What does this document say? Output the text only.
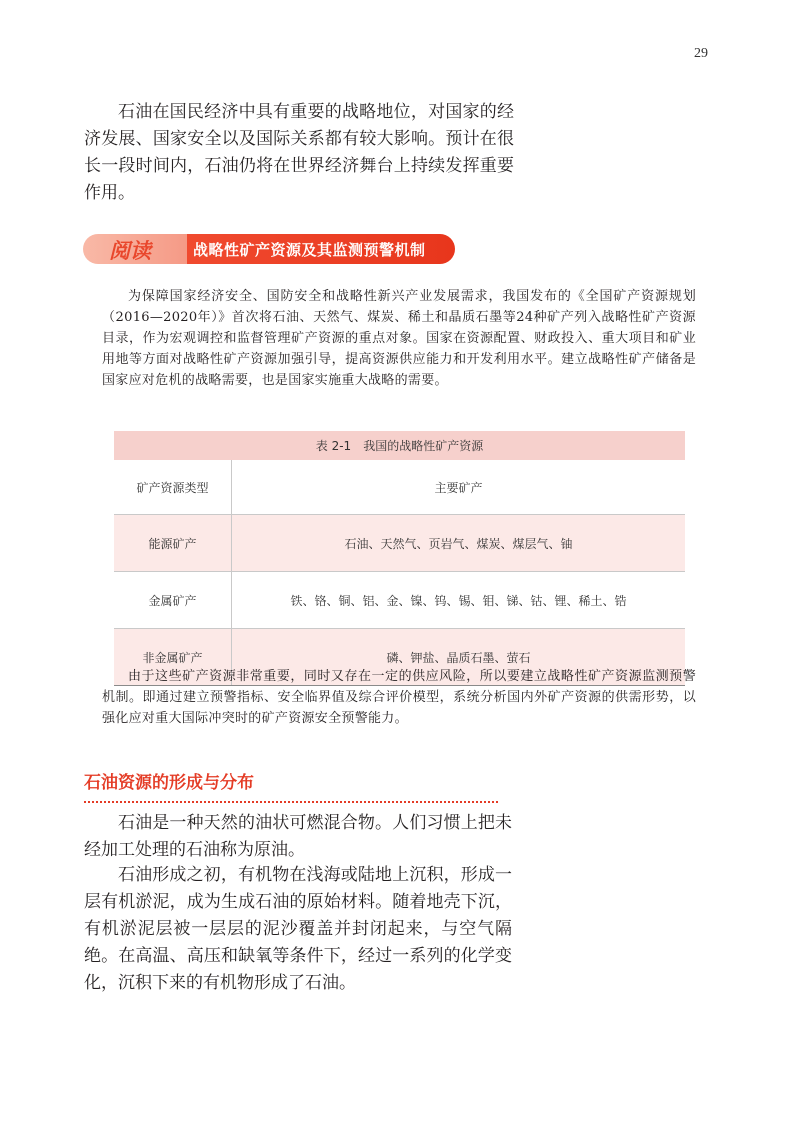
29

石油在国民经济中具有重要的战略地位，对国家的经济发展、国家安全以及国际关系都有较大影响。预计在很长一段时间内，石油仍将在世界经济舞台上持续发挥重要作用。

阅读	战略性矿产资源及其监测预警机制

为保障国家经济安全、国防安全和战略性新兴产业发展需求，我国发布的《全国矿产资源规划（2016—2020年）》首次将石油、天然气、煤炭、稀土和晶质石墨等24种矿产列入战略性矿产资源目录，作为宏观调控和监督管理矿产资源的重点对象。国家在资源配置、财政投入、重大项目和矿业用地等方面对战略性矿产资源加强引导，提高资源供应能力和开发利用水平。建立战略性矿产储备是国家应对危机的战略需要，也是国家实施重大战略的需要。

表 2-1　我国的战略性矿产资源
矿产资源类型	主要矿产
能源矿产	石油、天然气、页岩气、煤炭、煤层气、铀
金属矿产	铁、铬、铜、铝、金、镍、钨、锡、钼、锑、钴、锂、稀土、锆
非金属矿产	磷、钾盐、晶质石墨、萤石

由于这些矿产资源非常重要，同时又存在一定的供应风险，所以要建立战略性矿产资源监测预警机制。即通过建立预警指标、安全临界值及综合评价模型，系统分析国内外矿产资源的供需形势，以强化应对重大国际冲突时的矿产资源安全预警能力。

石油资源的形成与分布

石油是一种天然的油状可燃混合物。人们习惯上把未经加工处理的石油称为原油。

石油形成之初，有机物在浅海或陆地上沉积，形成一层有机淤泥，成为生成石油的原始材料。随着地壳下沉，有机淤泥层被一层层的泥沙覆盖并封闭起来，与空气隔绝。在高温、高压和缺氧等条件下，经过一系列的化学变化，沉积下来的有机物形成了石油。
